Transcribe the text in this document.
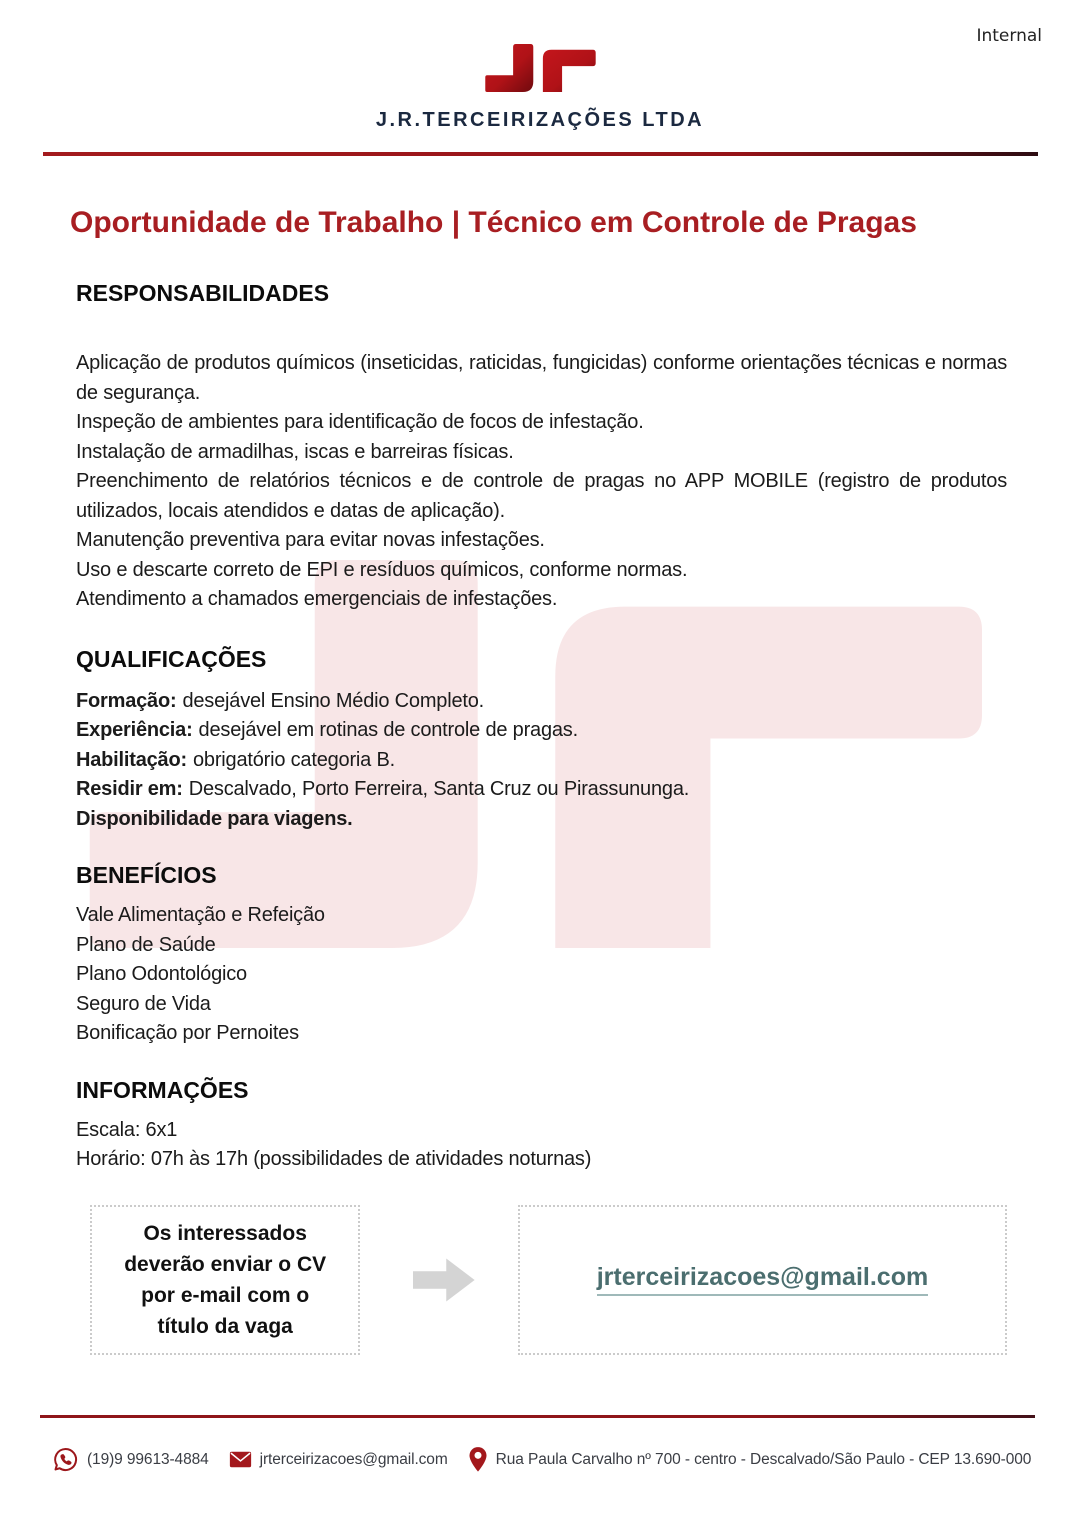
Internal
J.R.TERCEIRIZAÇÕES LTDA
Oportunidade de Trabalho | Técnico em Controle de Pragas
RESPONSABILIDADES

Aplicação de produtos químicos (inseticidas, raticidas, fungicidas) conforme orientações técnicas e normas de segurança.

Inspeção de ambientes para identificação de focos de infestação.

Instalação de armadilhas, iscas e barreiras físicas.

Preenchimento de relatórios técnicos e de controle de pragas no APP MOBILE (registro de produtos utilizados, locais atendidos e datas de aplicação).

Manutenção preventiva para evitar novas infestações.

Uso e descarte correto de EPI e resíduos químicos, conforme normas.

Atendimento a chamados emergenciais de infestações.

QUALIFICAÇÕES

Formação: desejável Ensino Médio Completo.

Experiência: desejável em rotinas de controle de pragas.

Habilitação: obrigatório categoria B.

Residir em: Descalvado, Porto Ferreira, Santa Cruz ou Pirassununga.

Disponibilidade para viagens.

BENEFÍCIOS

Vale Alimentação e Refeição

Plano de Saúde

Plano Odontológico

Seguro de Vida

Bonificação por Pernoites

INFORMAÇÕES

Escala: 6x1

Horário: 07h às 17h (possibilidades de atividades noturnas)

Os interessados
deverão enviar o CV
por e-mail com o
título da vaga
jrterceirizacoes@gmail.com
(19)9 99613-4884	jrterceirizacoes@gmail.com	Rua Paula Carvalho nº 700 - centro - Descalvado/São Paulo - CEP 13.690-000
